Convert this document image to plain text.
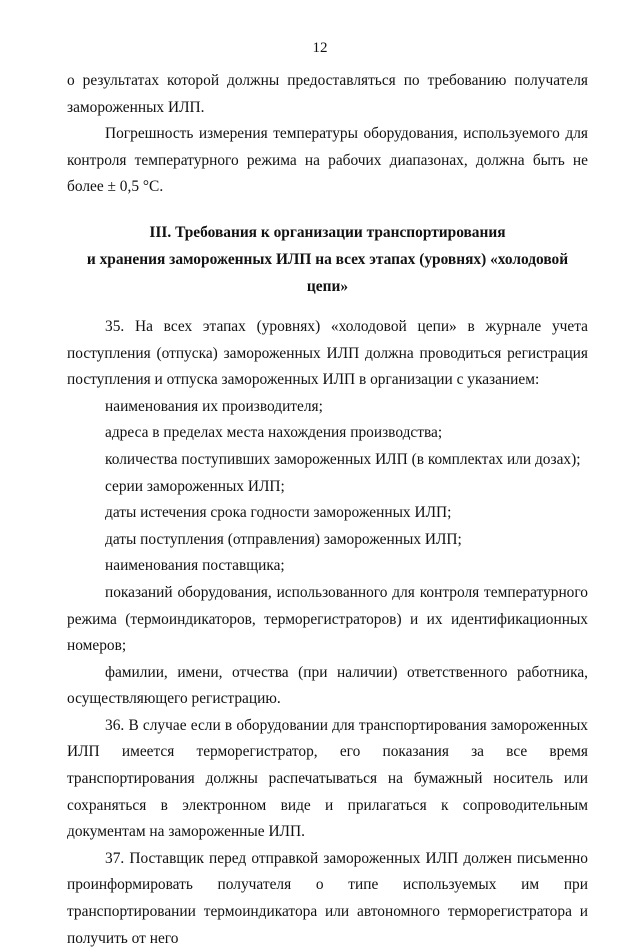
12

о результатах которой должны предоставляться по требованию получателя замороженных ИЛП.

Погрешность измерения температуры оборудования, используемого для контроля температурного режима на рабочих диапазонах, должна быть не более ± 0,5 °С.

III. Требования к организации транспортирования
и хранения замороженных ИЛП на всех этапах (уровнях) «холодовой цепи»

35. На всех этапах (уровнях) «холодовой цепи» в журнале учета поступления (отпуска) замороженных ИЛП должна проводиться регистрация поступления и отпуска замороженных ИЛП в организации с указанием:

наименования их производителя;

адреса в пределах места нахождения производства;

количества поступивших замороженных ИЛП (в комплектах или дозах);

серии замороженных ИЛП;

даты истечения срока годности замороженных ИЛП;

даты поступления (отправления) замороженных ИЛП;

наименования поставщика;

показаний оборудования, использованного для контроля температурного режима (термоиндикаторов, терморегистраторов) и их идентификационных номеров;

фамилии, имени, отчества (при наличии) ответственного работника, осуществляющего регистрацию.

36. В случае если в оборудовании для транспортирования замороженных ИЛП имеется терморегистратор, его показания за все время транспортирования должны распечатываться на бумажный носитель или сохраняться в электронном виде и прилагаться к сопроводительным документам на замороженные ИЛП.

37. Поставщик перед отправкой замороженных ИЛП должен письменно проинформировать получателя о типе используемых им при транспортировании термоиндикатора или автономного терморегистратора и получить от него
